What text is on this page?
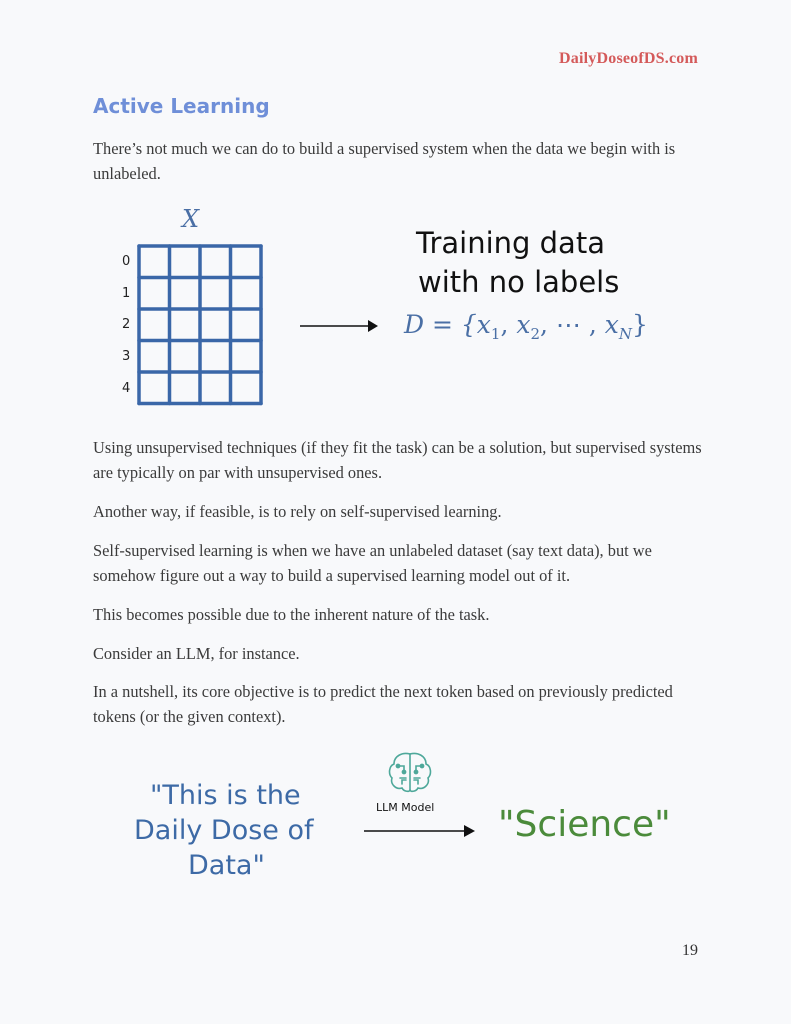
DailyDoseofDS.com
Active Learning

There’s not much we can do to build a supervised system when the data we begin with is unlabeled.

X
0
1
2
3
4
Training data
with no labels
$D = \{x_1$, $x_2$, ⋯ , $x_N$}

Using unsupervised techniques (if they fit the task) can be a solution, but supervised systems are typically on par with unsupervised ones.

Another way, if feasible, is to rely on self-supervised learning.

Self-supervised learning is when we have an unlabeled dataset (say text data), but we somehow figure out a way to build a supervised learning model out of it.

This becomes possible due to the inherent nature of the task.

Consider an LLM, for instance.

In a nutshell, its core objective is to predict the next token based on previously predicted tokens (or the given context).

"This is the
Daily Dose of
Data"
LLM Model "Science"
19
